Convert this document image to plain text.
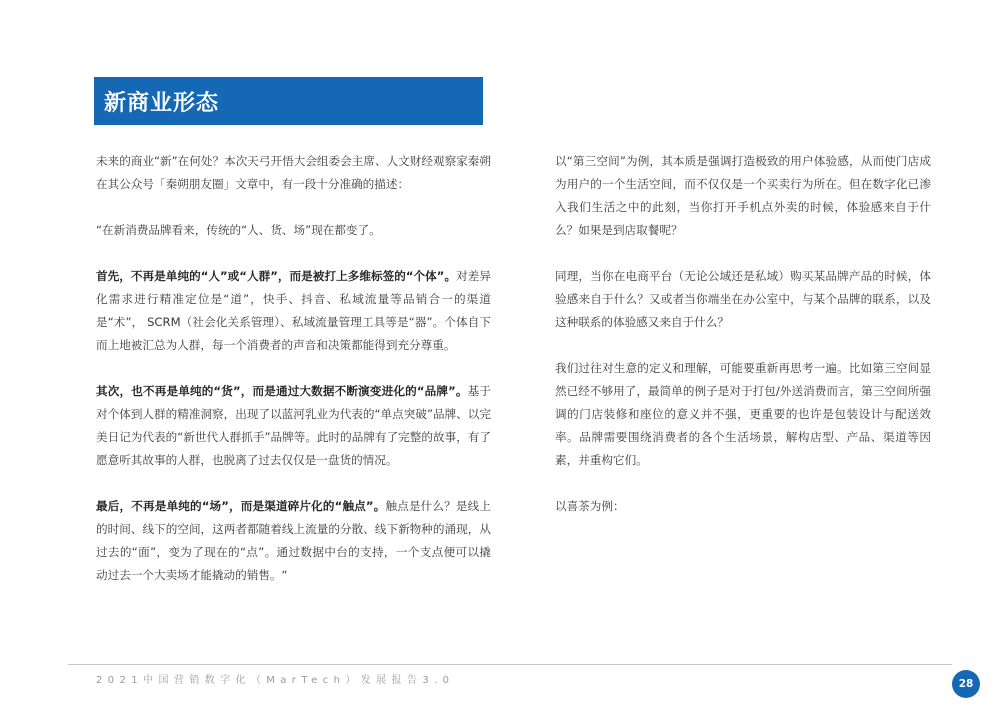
新商业形态

未来的商业“新”在何处？本次天弓开悟大会组委会主席、人文财经观察家秦朔在其公众号「秦朔朋友圈」文章中，有一段十分准确的描述：

“在新消费品牌看来，传统的“人、货、场”现在都变了。

首先，不再是单纯的“人”或“人群”，而是被打上多维标签的“个体”。对差异化需求进行精准定位是“道”，快手、抖音、私域流量等品销合一的渠道是“术”， SCRM（社会化关系管理）、私域流量管理工具等是“器”。个体自下而上地被汇总为人群，每一个消费者的声音和决策都能得到充分尊重。

其次，也不再是单纯的“货”，而是通过大数据不断演变进化的“品牌”。基于对个体到人群的精准洞察，出现了以蓝河乳业为代表的“单点突破”品牌、以完美日记为代表的“新世代人群抓手”品牌等。此时的品牌有了完整的故事，有了愿意听其故事的人群，也脱离了过去仅仅是一盘货的情况。

最后，不再是单纯的“场”，而是渠道碎片化的“触点”。触点是什么？是线上的时间、线下的空间，这两者都随着线上流量的分散、线下新物种的涌现，从过去的“面”，变为了现在的“点”。通过数据中台的支持，一个支点便可以撬动过去一个大卖场才能撬动的销售。“

以“第三空间”为例，其本质是强调打造极致的用户体验感，从而使门店成为用户的一个生活空间，而不仅仅是一个买卖行为所在。但在数字化已渗入我们生活之中的此刻，当你打开手机点外卖的时候，体验感来自于什么？如果是到店取餐呢？

同理，当你在电商平台（无论公域还是私域）购买某品牌产品的时候，体验感来自于什么？又或者当你端坐在办公室中，与某个品牌的联系，以及这种联系的体验感又来自于什么？

我们过往对生意的定义和理解，可能要重新再思考一遍。比如第三空间显然已经不够用了，最简单的例子是对于打包/外送消费而言，第三空间所强调的门店装修和座位的意义并不强，更重要的也许是包装设计与配送效率。品牌需要围绕消费者的各个生活场景，解构店型、产品、渠道等因素，并重构它们。

以喜茶为例：

2021中国营销数字化（MarTech）发展报告3.0	28
